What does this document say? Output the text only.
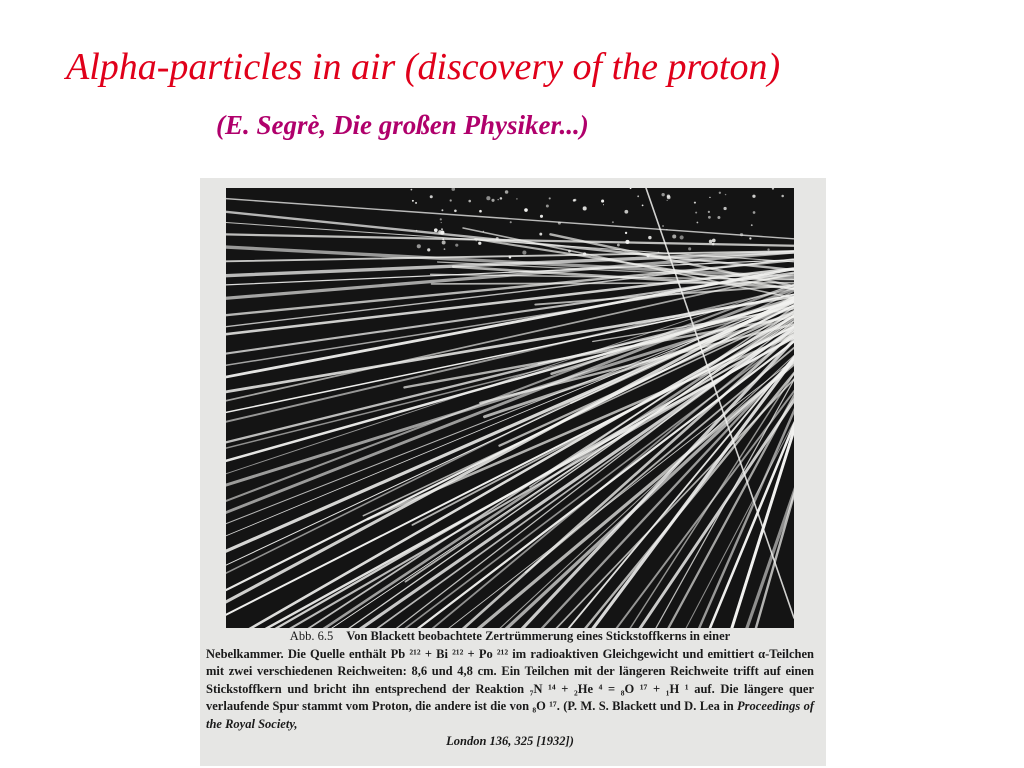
Alpha-particles in air (discovery of the proton)
(E. Segrè, Die großen Physiker...)
Abb. 6.5 Von Blackett beobachtete Zertrümmerung eines Stickstoffkerns in einer
Nebelkammer. Die Quelle enthält Pb ²¹² + Bi ²¹² + Po ²¹² im radioaktiven Gleichgewicht und emittiert α-Teilchen mit zwei verschiedenen Reichweiten: 8,6 und 4,8 cm. Ein Teilchen mit der längeren Reichweite trifft auf einen Stickstoffkern und bricht ihn entsprechend der Reaktion ₇N ¹⁴ + ₂He ⁴ = ₈O ¹⁷ + ₁H ¹ auf. Die längere quer verlaufende Spur stammt vom Proton, die andere ist die von ₈O ¹⁷. (P. M. S. Blackett und D. Lea in Proceedings of the Royal Society,
London 136, 325 [1932])
